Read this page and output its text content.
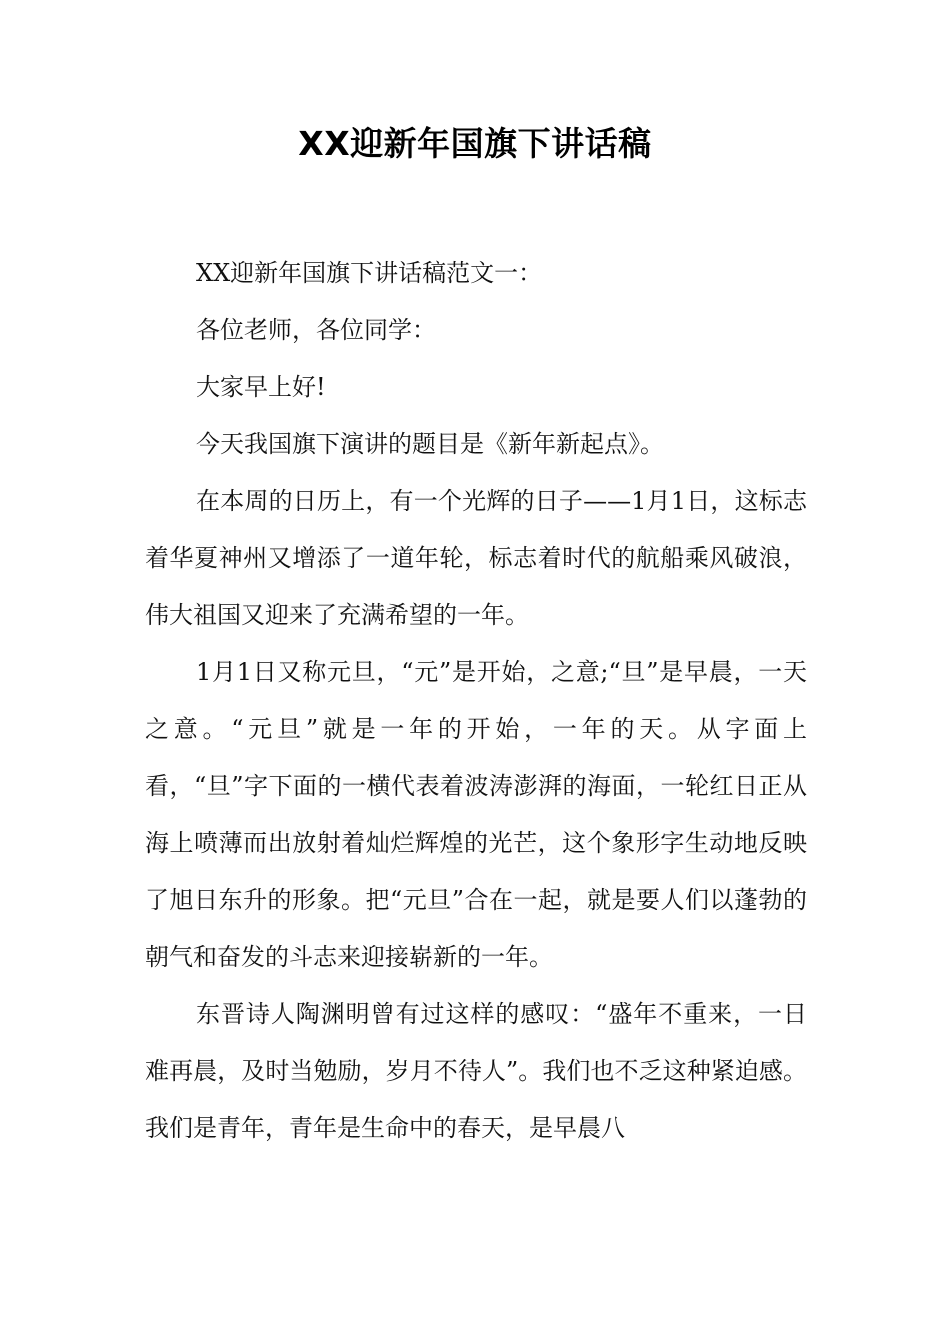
XX迎新年国旗下讲话稿

XX迎新年国旗下讲话稿范文一：

各位老师，各位同学：

大家早上好!

今天我国旗下演讲的题目是《新年新起点》。

在本周的日历上，有一个光辉的日子——1月1日，这标志着华夏神州又增添了一道年轮，标志着时代的航船乘风破浪，伟大祖国又迎来了充满希望的一年。

1月1日又称元旦，“元”是开始，之意;“旦”是早晨，一天之意。“元旦”就是一年的开始，一年的天。从字面上看，“旦”字下面的一横代表着波涛澎湃的海面，一轮红日正从海上喷薄而出放射着灿烂辉煌的光芒，这个象形字生动地反映了旭日东升的形象。把“元旦”合在一起，就是要人们以蓬勃的朝气和奋发的斗志来迎接崭新的一年。

东晋诗人陶渊明曾有过这样的感叹：“盛年不重来，一日难再晨，及时当勉励，岁月不待人”。我们也不乏这种紧迫感。我们是青年，青年是生命中的春天，是早晨八
